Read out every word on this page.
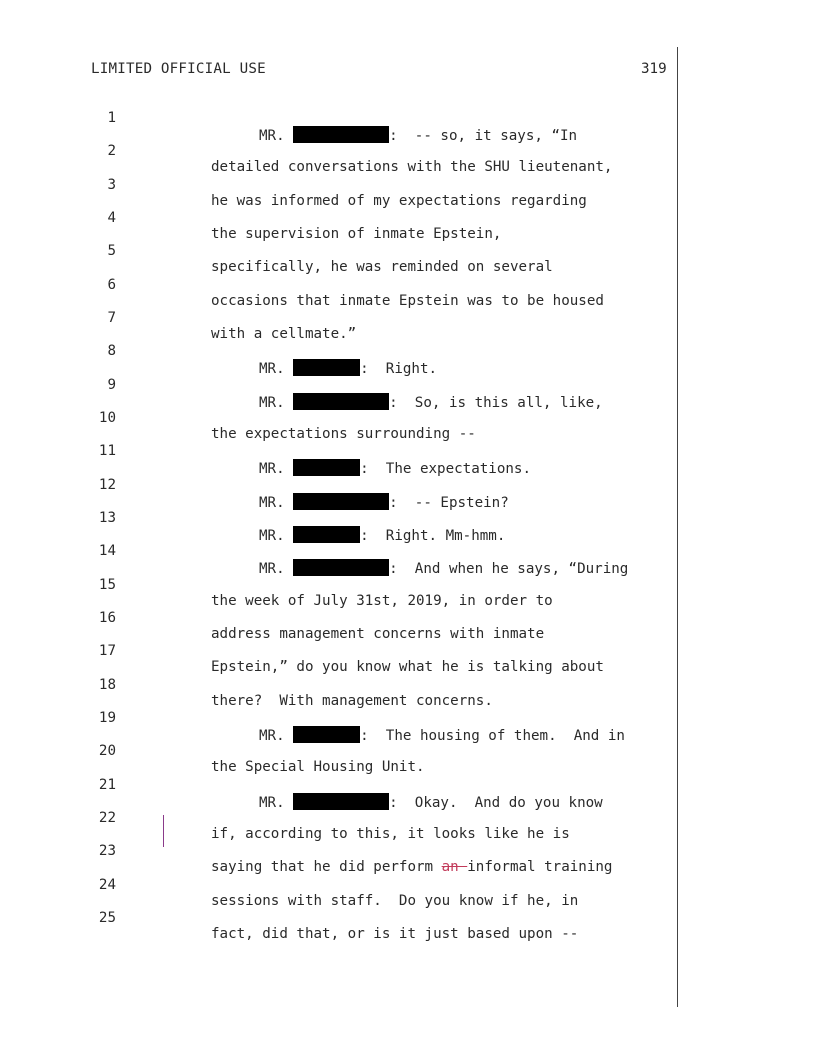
LIMITED OFFICIAL USE	319

1

MR.	:  -- so, it says, “In

2

detailed conversations with the SHU lieutenant,

3

he was informed of my expectations regarding

4

the supervision of inmate Epstein,

5

specifically, he was reminded on several

6

occasions that inmate Epstein was to be housed

7

with a cellmate.”

8

MR.	:  Right.

9

MR.	:  So, is this all, like,

10

the expectations surrounding --

11

MR.	:  The expectations.

12

MR.	:  -- Epstein?

13

MR.	:  Right. Mm-hmm.

14

MR.	:  And when he says, “During

15

the week of July 31st, 2019, in order to

16

address management concerns with inmate

17

Epstein,” do you know what he is talking about

18

there?  With management concerns.

19

MR.	:  The housing of them.  And in

20

the Special Housing Unit.

21

MR.	:  Okay.  And do you know

22

if, according to this, it looks like he is

23

saying that he did perform an informal training

24

sessions with staff.  Do you know if he, in

25

fact, did that, or is it just based upon --
